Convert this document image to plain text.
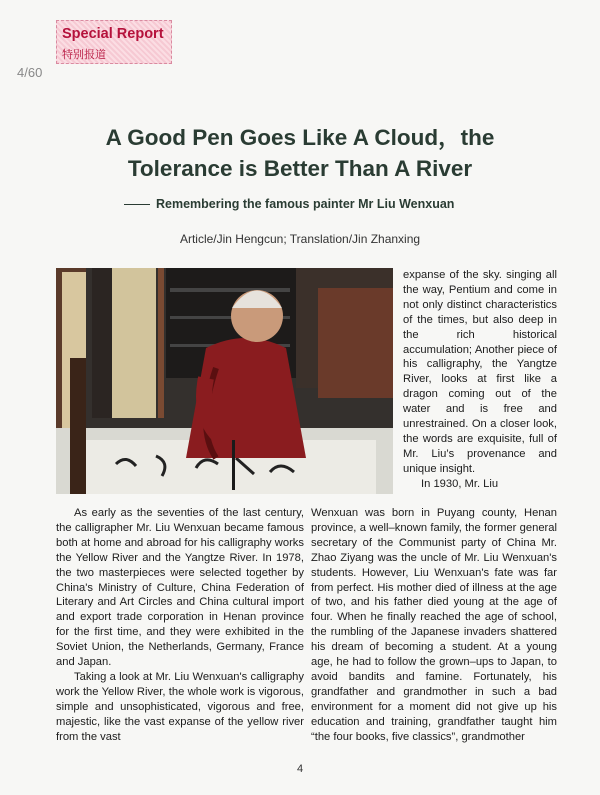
Special Report
特别报道
4/60
A Good Pen Goes Like A Cloud，the
Tolerance is Better Than A River
Remembering the famous painter Mr Liu Wenxuan
Article/Jin Hengcun; Translation/Jin Zhanxing

expanse of the sky. singing all the way, Pentium and come in not only distinct characteristics of the times, but also deep in the rich historical accumulation; Another piece of his calligraphy, the Yangtze River, looks at first like a dragon coming out of the water and is free and unrestrained. On a closer look, the words are exquisite, full of Mr. Liu’s provenance and unique insight.

In 1930, Mr. Liu

As early as the seventies of the last century, the calligrapher Mr. Liu Wenxuan became famous both at home and abroad for his calligraphy works the Yellow River and the Yangtze River. In 1978, the two masterpieces were selected together by China's Ministry of Culture, China Federation of Literary and Art Circles and China cultural import and export trade corporation in Henan province for the first time, and they were exhibited in the Soviet Union, the Netherlands, Germany, France and Japan.

Taking a look at Mr. Liu Wenxuan's calligraphy work the Yellow River, the whole work is vigorous, simple and unsophisticated, vigorous and free, majestic, like the vast expanse of the yellow river from the vast

Wenxuan was born in Puyang county, Henan province, a well–known family, the former general secretary of the Communist party of China Mr. Zhao Ziyang was the uncle of Mr. Liu Wenxuan's students. However, Liu Wenxuan's fate was far from perfect. His mother died of illness at the age of two, and his father died young at the age of four. When he finally reached the age of school, the rumbling of the Japanese invaders shattered his dream of becoming a student. At a young age, he had to follow the grown–ups to Japan, to avoid bandits and famine. Fortunately, his grandfather and grandmother in such a bad environment for a moment did not give up his education and training, grandfather taught him “the four books, five classics”, grandmother

4
